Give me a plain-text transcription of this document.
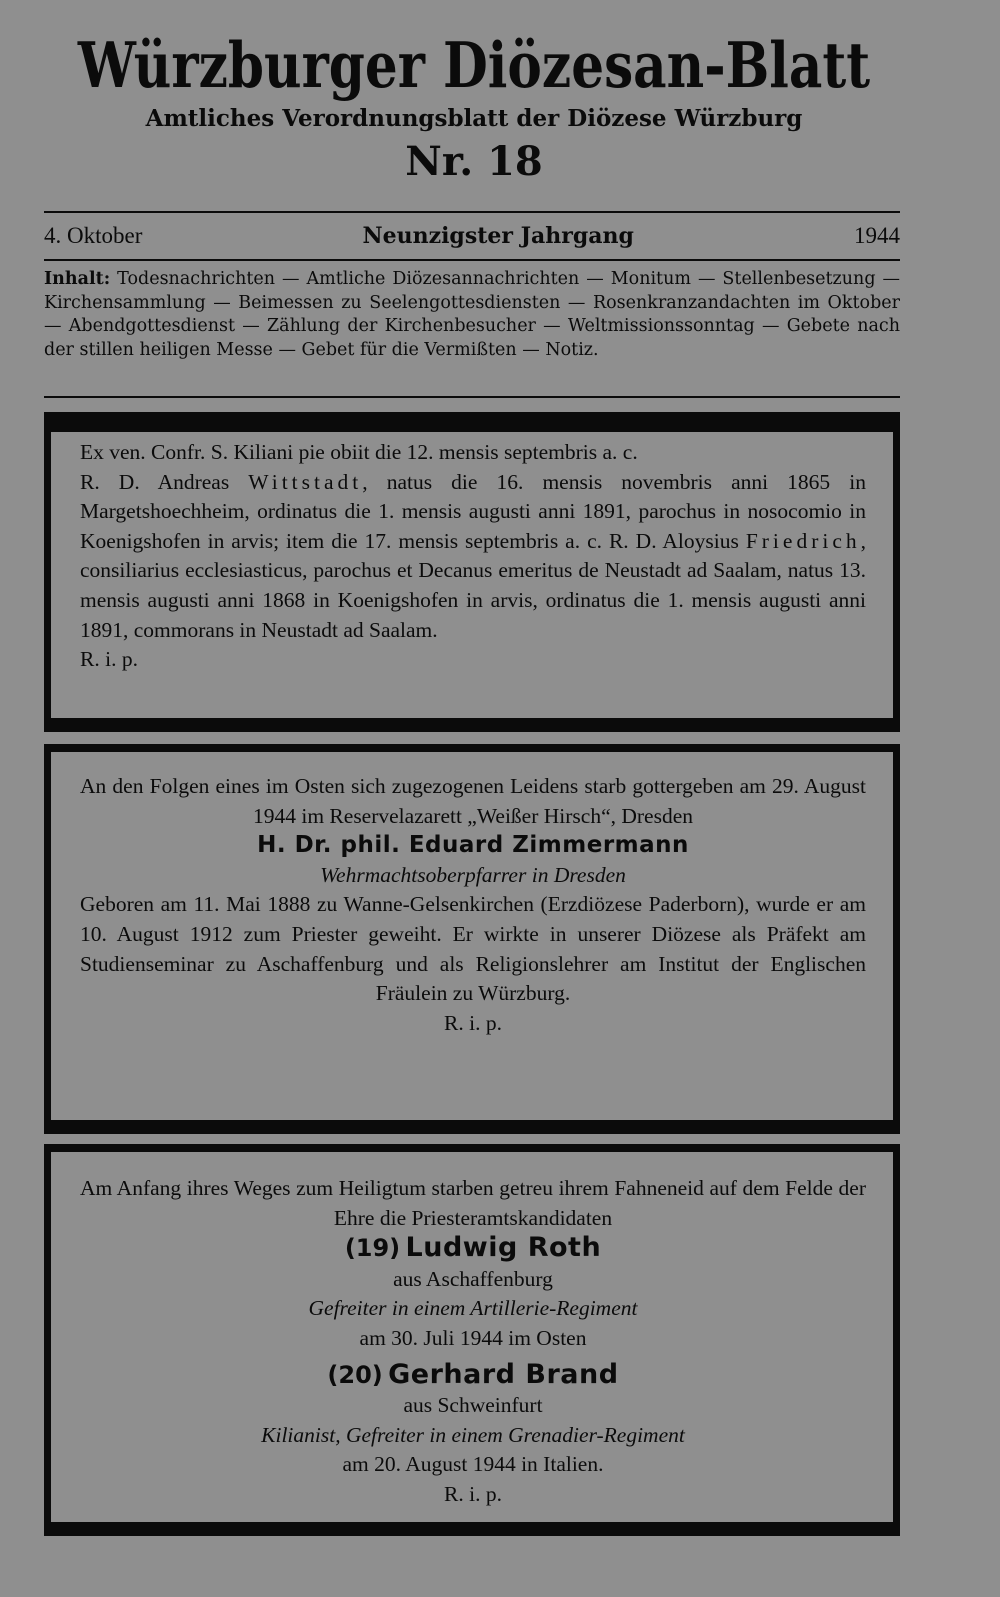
Würzburger Diözesan-Blatt
Amtliches Verordnungsblatt der Diözese Würzburg
Nr. 18
4. Oktober	Neunzigster Jahrgang	1944
Inhalt: Todesnachrichten — Amtliche Diözesannachrichten — Monitum — Stellenbesetzung — Kirchensammlung — Beimessen zu Seelengottesdiensten — Rosenkranzandachten im Oktober — Abendgottesdienst — Zählung der Kirchenbesucher — Weltmissionssonntag — Gebete nach der stillen heiligen Messe — Gebet für die Vermißten — Notiz.
Ex ven. Confr. S. Kiliani pie obiit die 12. mensis septembris a. c.
R. D. Andreas Wittstadt, natus die 16. mensis novembris anni 1865 in Margetshoechheim, ordinatus die 1. mensis augusti anni 1891, parochus in nosocomio in Koenigshofen in arvis; item die 17. mensis septembris a. c. R. D. Aloysius Friedrich, consiliarius ecclesiasticus, parochus et Decanus emeritus de Neustadt ad Saalam, natus 13. mensis augusti anni 1868 in Koenigshofen in arvis, ordinatus die 1. mensis augusti anni 1891, commorans in Neustadt ad Saalam.
R. i. p.
An den Folgen eines im Osten sich zugezogenen Leidens starb gottergeben am 29. August 1944 im Reservelazarett „Weißer Hirsch“, Dresden
H. Dr. phil. Eduard Zimmermann
Wehrmachtsoberpfarrer in Dresden
Geboren am 11. Mai 1888 zu Wanne-Gelsenkirchen (Erzdiözese Paderborn), wurde er am 10. August 1912 zum Priester geweiht. Er wirkte in unserer Diözese als Präfekt am Studienseminar zu Aschaffenburg und als Religionslehrer am Institut der Englischen Fräulein zu Würzburg.
R. i. p.
Am Anfang ihres Weges zum Heiligtum starben getreu ihrem Fahneneid auf dem Felde der Ehre die Priesteramtskandidaten
(19) Ludwig Roth
aus Aschaffenburg
Gefreiter in einem Artillerie-Regiment
am 30. Juli 1944 im Osten
(20) Gerhard Brand
aus Schweinfurt
Kilianist, Gefreiter in einem Grenadier-Regiment
am 20. August 1944 in Italien.
R. i. p.
